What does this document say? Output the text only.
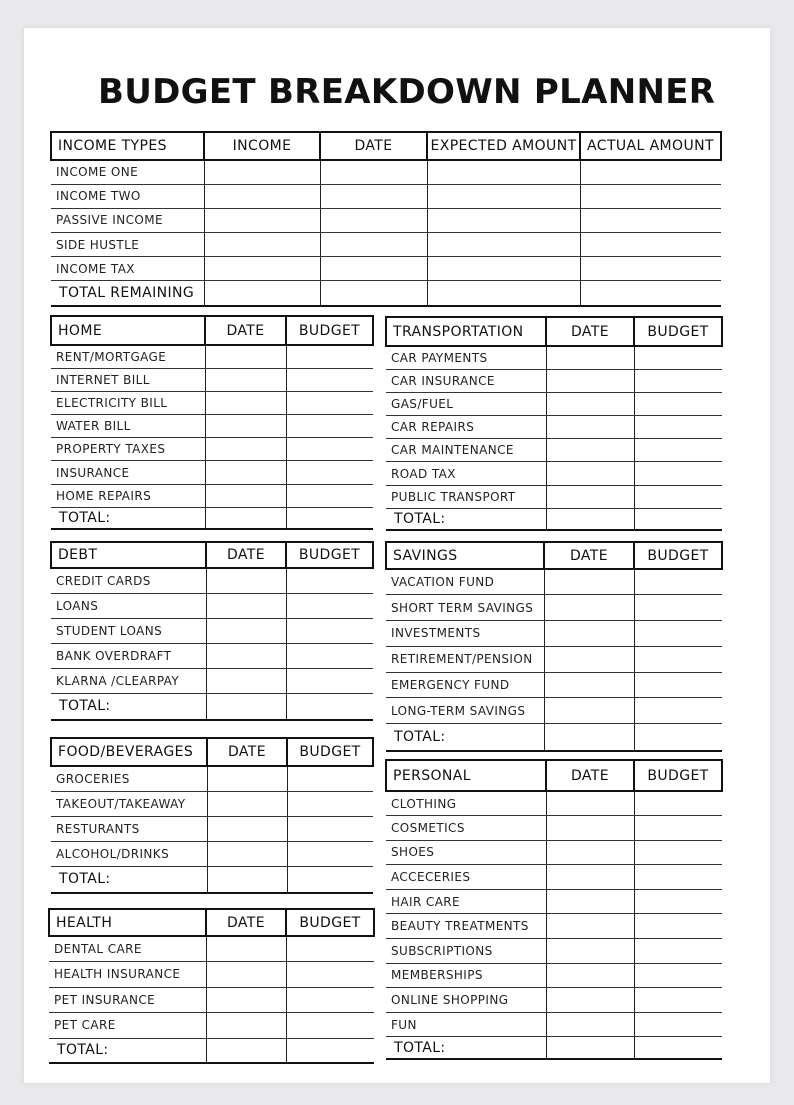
BUDGET BREAKDOWN PLANNER
INCOME TYPES	INCOME	DATE	EXPECTED AMOUNT	ACTUAL AMOUNT
INCOME ONE				
INCOME TWO				
PASSIVE INCOME				
SIDE HUSTLE				
INCOME TAX				
TOTAL REMAINING				
HOME	DATE	BUDGET
RENT/MORTGAGE		
INTERNET BILL		
ELECTRICITY BILL		
WATER BILL		
PROPERTY TAXES		
INSURANCE		
HOME REPAIRS		
TOTAL:		
TRANSPORTATION	DATE	BUDGET
CAR PAYMENTS		
CAR INSURANCE		
GAS/FUEL		
CAR REPAIRS		
CAR MAINTENANCE		
ROAD TAX		
PUBLIC TRANSPORT		
TOTAL:		
DEBT	DATE	BUDGET
CREDIT CARDS		
LOANS		
STUDENT LOANS		
BANK OVERDRAFT		
KLARNA /CLEARPAY		
TOTAL:		
SAVINGS	DATE	BUDGET
VACATION FUND		
SHORT TERM SAVINGS		
INVESTMENTS		
RETIREMENT/PENSION		
EMERGENCY FUND		
LONG-TERM SAVINGS		
TOTAL:		
FOOD/BEVERAGES	DATE	BUDGET
GROCERIES		
TAKEOUT/TAKEAWAY		
RESTURANTS		
ALCOHOL/DRINKS		
TOTAL:		
PERSONAL	DATE	BUDGET
CLOTHING		
COSMETICS		
SHOES		
ACCECERIES		
HAIR CARE		
BEAUTY TREATMENTS		
SUBSCRIPTIONS		
MEMBERSHIPS		
ONLINE SHOPPING		
FUN		
TOTAL:		
HEALTH	DATE	BUDGET
DENTAL CARE		
HEALTH INSURANCE		
PET INSURANCE		
PET CARE		
TOTAL:		
